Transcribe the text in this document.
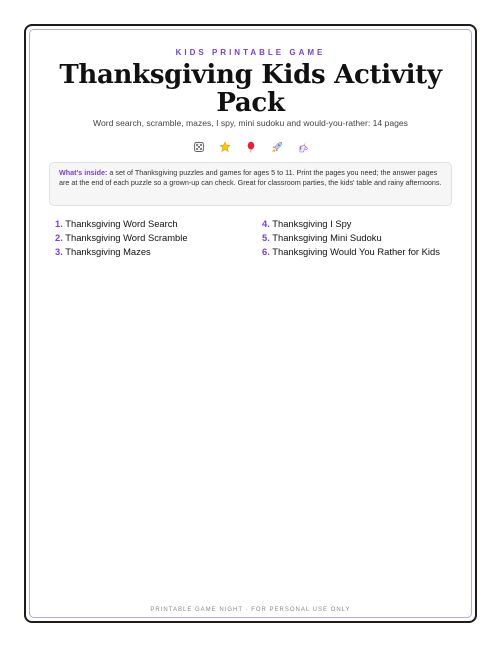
KIDS PRINTABLE GAME
Thanksgiving Kids Activity Pack
Word search, scramble, mazes, I spy, mini sudoku and would-you-rather: 14 pages
What's inside: a set of Thanksgiving puzzles and games for ages 5 to 11. Print the pages you need; the answer pages are at the end of each puzzle so a grown-up can check. Great for classroom parties, the kids' table and rainy afternoons.
1. Thanksgiving Word Search	4. Thanksgiving I Spy
2. Thanksgiving Word Scramble	5. Thanksgiving Mini Sudoku
3. Thanksgiving Mazes	6. Thanksgiving Would You Rather for Kids
PRINTABLE GAME NIGHT · FOR PERSONAL USE ONLY
